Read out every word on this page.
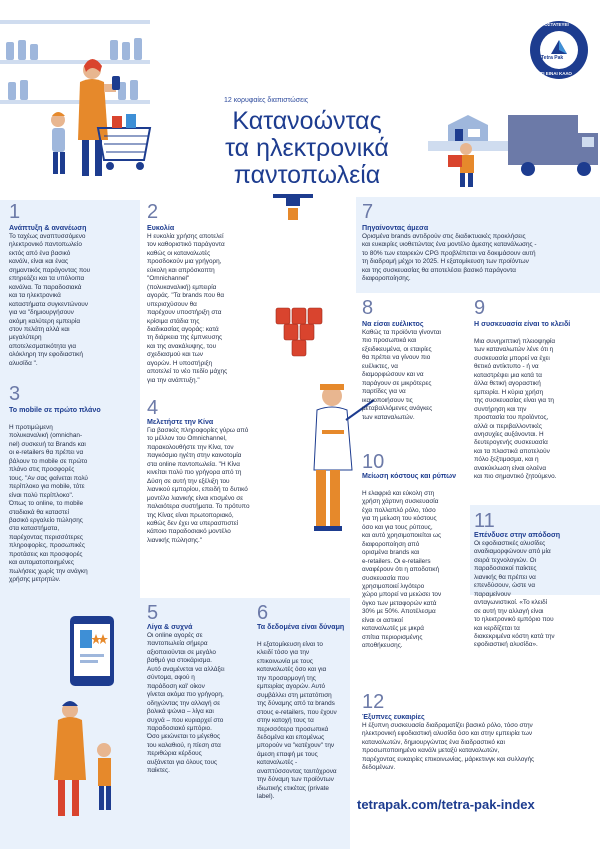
12 κορυφαίες διαπιστώσεις
Κατανοώντας
τα ηλεκτρονικά
παντοπωλεία
Tetra Pak
ΠΡΟΣΤΑΤΕΥΕΙ
ΟΤΙ ΕΙΝΑΙ ΚΑΛΟ
1
Ανάπτυξη & ανανέωση
Το ταχέως αναπτυσσόμενο
ηλεκτρονικό παντοπωλείο
εκτός από ένα βασικό
κανάλι, είναι και ένας
σημαντικός παράγοντας που
επηρεάζει και τα υπόλοιπα
κανάλια. Τα παραδοσιακά
και τα ηλεκτρονικά
καταστήματα συγκεντώνουν
για να "δημιουργήσουν
ακόμη καλύτερη εμπειρία
στον πελάτη αλλά και
μεγαλύτερη
αποτελεσματικότητα για
ολόκληρη την εφοδιαστική
αλυσίδα ".
2
Ευκολία
Η ευκολία χρήσης αποτελεί
τον καθοριστικό παράγοντα
καθώς οι καταναλωτές
προσδοκούν μια γρήγορη,
εύκολη και απρόσκοπτη
"Omnichannel"
(πολυκαναλική) εμπειρία
αγοράς. "Τα brands που θα
υπερισχύσουν θα
παρέχουν υποστήριξη στα
κρίσιμα στάδια της
διαδικασίας αγοράς: κατά
τη διάρκεια της έμπνευσης
και της ανακάλυψης, του
σχεδιασμού και των
αγορών. Η υποστήριξη
αποτελεί το νέο πεδίο μάχης
για την ανάπτυξη."
3
Το mobile σε πρώτο πλάνο
Η προτιμώμενη
πολυκαναλική (omnichan-
nel) συσκευή τα Brands και
οι e-retailers θα πρέπει να
βάλουν το mobile σε πρώτο
πλάνο στις προσφορές
τους. "Αν σας φαίνεται πολύ
περίπλοκο για mobile, τότε
είναι πολύ περίπλοκο".
Όπως το online, το mobile
σταδιακά θα καταστεί
βασικό εργαλείο πώλησης
στα καταστήματα,
παρέχοντας περισσότερες
πληροφορίες, προσωπικές
προτάσεις και προσφορές
και αυτοματοποιημένες
πωλήσεις χωρίς την ανάγκη
χρήσης μετρητών.
4
Μελετήστε την Κίνα
Για βασικές πληροφορίες γύρω από
το μέλλον του Omnichannel,
παρακολουθήστε την Κίνα, τον
παγκόσμιο ηγέτη στην καινοτομία
στα online παντοπωλεία. "Η Κίνα
κινείται πολύ πιο γρήγορα από τη
Δύση σε αυτή την εξέλιξη του
λιανικού εμπορίου, επειδή το δυτικό
μοντέλο λιανικής είναι κτισμένο σε
παλαιότερα συστήματα. Το πρότυπο
της Κίνας είναι πρωτοποριακό,
καθώς δεν έχει να υπερασπιστεί
κάποιο παραδοσιακό μοντέλο
λιανικής πώλησης."
5
Λίγα & συχνά
Οι online αγορές σε
παντοπωλεία σήμερα
αξιοποιούνται σε μεγάλο
βαθμό για στοκάρισμα.
Αυτό αναμένεται να αλλάξει
σύντομα, αφού η
παράδοση καϊ' οίκον
γίνεται ακόμα πιο γρήγορη,
οδηγώντας την αλλαγή σε
βολικά ψώνια – λίγα και
συχνά – που κυριαρχεί στο
παραδοσιακό εμπόριο.
Όσο μειώνεται το μέγεθος
του καλαθιού, η πίεση στα
περιθώρια κέρδους
αυξάνεται για όλους τους
παίκτες.
6
Τα δεδομένα είναι δύναμη
Η εξατομίκευση είναι το
κλειδί τόσο για την
επικοινωνία με τους
καταναλωτές όσο και για
την προσαρμογή της
εμπειρίας αγορών. Αυτό
συμβάλλει στη μετατόπιση
της δύναμης από τα brands
στους e-retailers, που έχουν
στην κατοχή τους τα
περισσότερα προσωπικά
δεδομένα και επομένως
μπορούν να "κατέχουν" την
άμεση επαφή με τους
καταναλωτές -
αναπτύσσοντας ταυτόχρονα
την δύναμη των προϊόντων
ιδιωτικής ετικέτας (private
label).
7
Πηγαίνοντας άμεσα
Ορισμένα brands αντιδρούν στις διαδικτυακές προκλήσεις
και ευκαιρίες υιοθετώντας ένα μοντέλο άμεσης κατανάλωσης -
το 80% των εταιρειών CPG προβλέπεται να δοκιμάσουν αυτή
τη διαδρομή μέχρι το 2025. Η εξατομίκευση των προϊόντων
και της συσκευασίας θα αποτελέσει βασικό παράγοντα
διαφοροποίησης.
8
Να είσαι ευέλικτος
Καθώς τα προϊόντα γίνονται
πιο προσωπικά και
εξειδικευμένα, οι εταιρίες
θα πρέπει να γίνουν πιο
ευέλικτες, να
διαμορφώσουν και να
παράγουν σε μικρότερες
παρτίδες για να
ικανοποιήσουν τις
μεταβαλλόμενες ανάγκες
των καταναλωτών.
9
Η συσκευασία είναι το κλειδί
Μια συνηριπτική πλειοψηφία
των καταναλωτών λένε ότι η
συσκευασία μπορεί να έχει
θετικό αντίκτυπο - ή να
καταστρέψει μια κατά τα
άλλα θετική αγοραστική
εμπειρία. Η κύρια χρήση
της συσκευασίας είναι για τη
συντήρηση και την
προστασία του προϊόντος,
αλλά οι περιβαλλοντικές
ανησυχίες αυξάνονται. Η
δευτερογενής συσκευασία
και τα πλαστικά αποτελούν
πόλο ξεξτιμασμα, και η
ανακύκλωση είναι ολοένα
και πιο σημαντικό ζητούμενο.
10
Μείωση κόστους και ρύπων
Η ελαφριά και εύκολη στη
χρήση χάρτινη συσκευασία
έχει πολλαπλό ρόλο, τόσο
για τη μείωση του κόστους
όσο και για τους ρύπους,
και αυτό χρησιμοποιείται ως
διαφοροποίηση από
ορισμένα brands και
e-retailers. Οι e-retailers
αναφέρουν ότι η αποδοτική
συσκευασία που
χρησιμοποιεί λιγότερο
χώρο μπορεί να μειώσει τον
όγκο των μεταφορών κατά
30% με 50%. Αποτέλεσμα
είναι οι αστικοί
καταναλωτές με μικρά
σπίτια περιορισμένης
αποθήκευσης.
11
Επένδυσε στην απόδοση
Οι εφοδιαστικές αλυσίδες
αναδιαμορφώνουν από μία
σειρά τεχνολογιών. Οι
παραδοσιακοί παίκτες
λιανικής θα πρέπει να
επενδύσουν, ώστε να
παραμείνουν
ανταγωνιστικοί. «Το κλειδί
σε αυτή την αλλαγή είναι
το ηλεκτρονικό εμπόριο που
και κερδίζεται τα
διακεκριμένα κόστη κατά την
εφοδιαστική αλυσίδα».
12
Έξυπνες ευκαιρίες
Η έξυπνη συσκευασία διαδραματίζει βασικό ρόλο, τόσο στην
ηλεκτρονική εφοδιαστική αλυσίδα όσο και στην εμπειρία των
καταναλωτών, δημιουργώντας ένα διαδραστικό και
προσωποποιημένο κανάλι μεταξύ καταναλωτών,
παρέχοντας ευκαιρίες επικοινωνίας, μάρκετινγκ και συλλογής
δεδομένων.
tetrapak.com/tetra-pak-index
